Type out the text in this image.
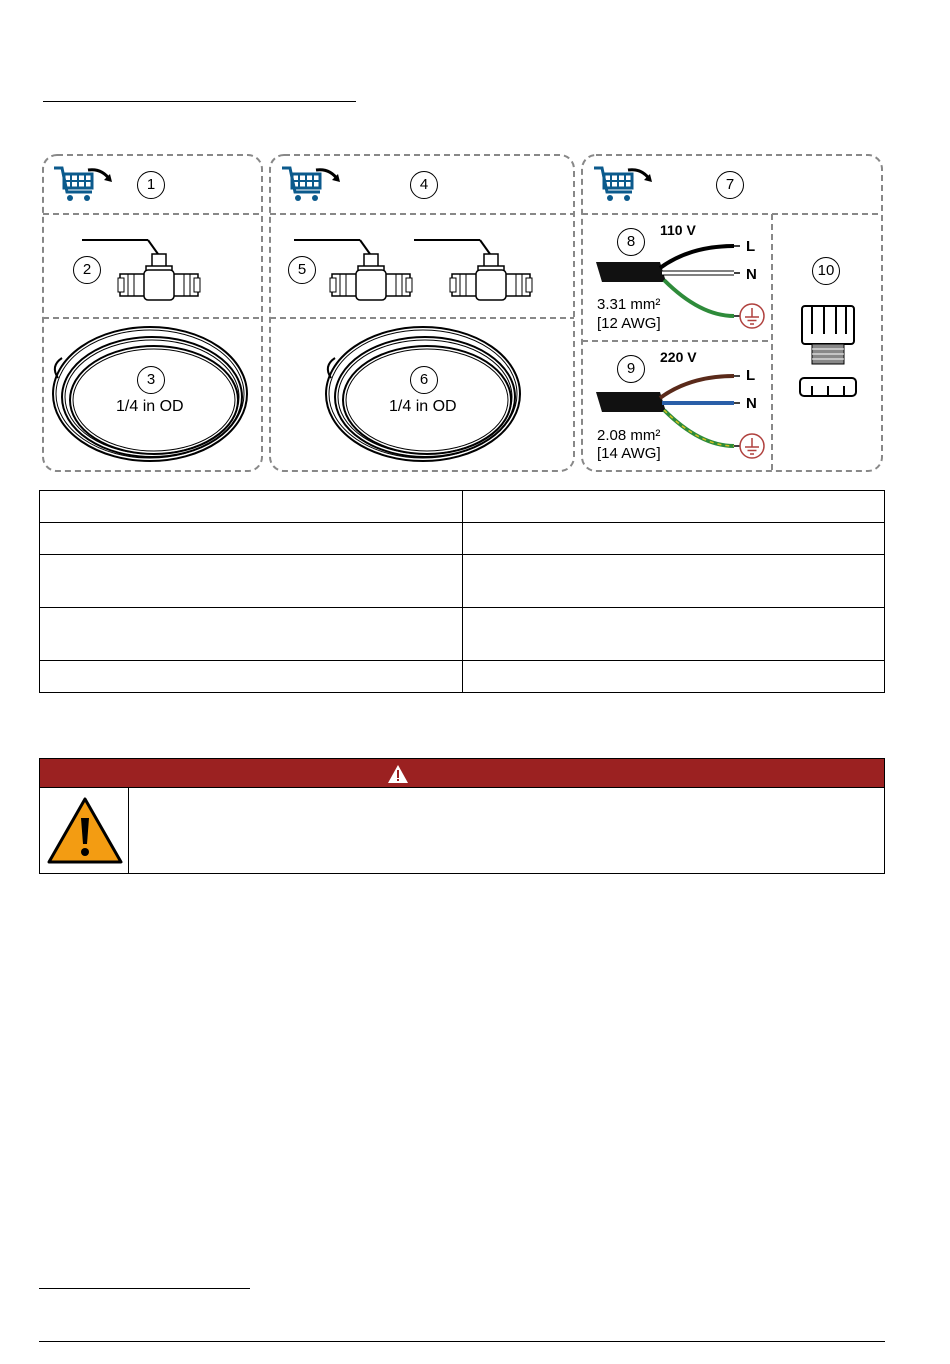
1	4	7
2
3
5
6
8
9
10
1/4 in OD	1/4 in OD
110 V
220 V
3.31 mm²
[12 AWG]
2.08 mm²
[14 AWG]
L
N
L
N
